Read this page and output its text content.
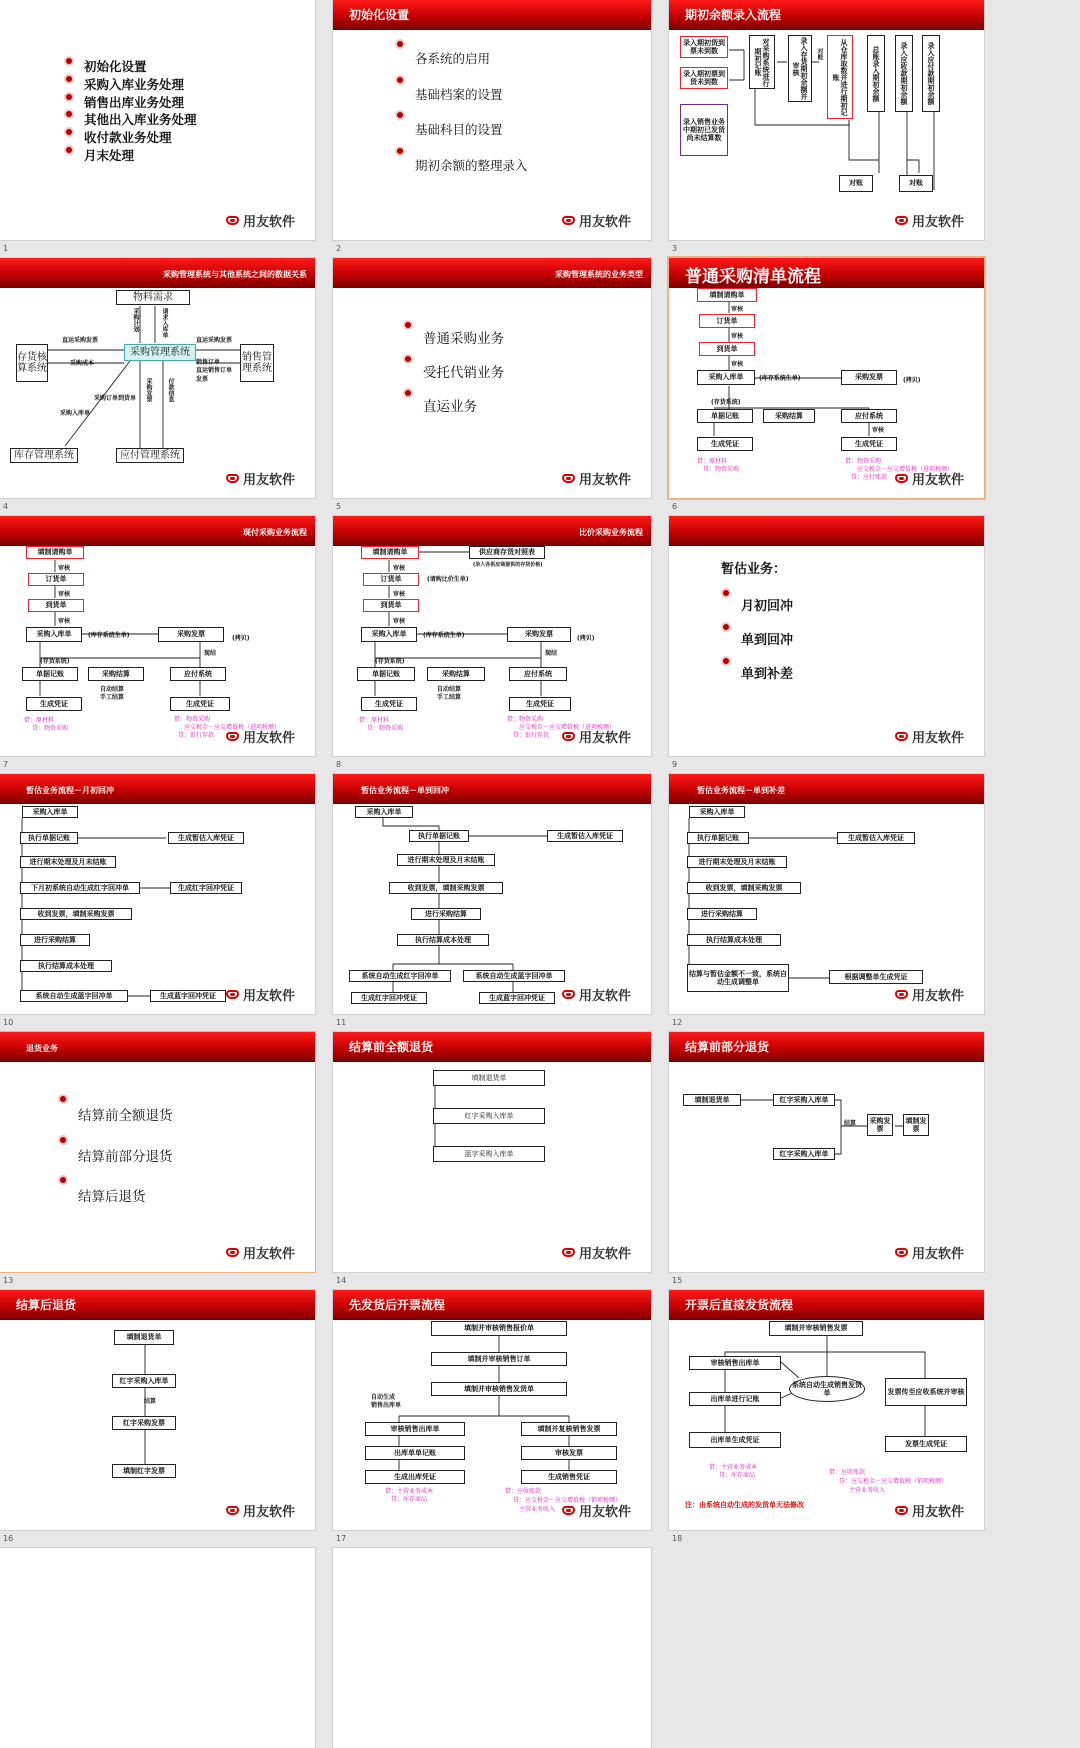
初始化设置
采购入库业务处理
销售出库业务处理
其他出入库业务处理
收付款业务处理
月末处理
用友软件
1
初始化设置
各系统的启用
基础档案的设置
基础科目的设置
期初余额的整理录入
用友软件
2
期初余额录入流程
录入期初货到票未到数
录入期初票到货未到数
录入销售业务中期初已发货尚未结算数
对采购系统进行期初记账	录入存货期初余额并审核
对账	从仓库取数并进行期初记账	总账录入期初余额	录入应收款期初余额	录入应付款期初余额
对账	对账
用友软件
3
采购管理系统与其他系统之间的数据关系
物料需求
存货核算系统
采购管理系统	销售管理系统
库存管理系统	应付管理系统
采购计划	请求入库单
直运采购发票
采购成本
直运采购发票
销售订单
直运销售订单
发票
采购订单到货单
采购入库单
采购发票	付款信息
用友软件
4
采购管理系统的业务类型
普通采购业务
受托代销业务
直运业务
用友软件
5
普通采购清单流程
填制请购单
审核
订货单
审核
到货单
审核
采购入库单	(库存系统生单)	采购发票	(拷贝)
(存货系统)
单据记账	采购结算	应付系统
审核
生成凭证	生成凭证
借：原材料
贷：物资采购
借：物资采购
应交税金－应交增值税（进项税额）
贷：应付账款 用友软件
6
现付采购业务流程
填制请购单
审核
订货单
审核
到货单
审核
采购入库单	(库存系统生单)	采购发票
(拷贝)
现结
(存货系统)
单据记账	采购结算	应付系统
自动结算
手工结算
生成凭证	生成凭证
借：原材料
贷：物资采购
借：物资采购
应交税金－应交增值税（进项税额）
贷：银行存款 用友软件
7
比价采购业务流程
填制请购单	供应商存货对照表
(录入各供应商提供的存货价格)
审核
订货单	(请购比价生单)
审核
到货单
审核
采购入库单	(库存系统生单)	采购发票
(拷贝)
现结
(存货系统)
单据记账	采购结算	应付系统
自动结算
手工结算
生成凭证	生成凭证
借：原材料
贷：物资采购
借：物资采购
应交税金－应交增值税（进项税额）
贷：银行存款 用友软件
8
暂估业务：
月初回冲
单到回冲
单到补差
用友软件
9
暂估业务流程－月初回冲
采购入库单
执行单据记账	生成暂估入库凭证
进行期末处理及月末结账
下月初系统自动生成红字回冲单	生成红字回冲凭证
收到发票，填制采购发票
进行采购结算
执行结算成本处理
系统自动生成蓝字回冲单	生成蓝字回冲凭证	用友软件
10
暂估业务流程－单到回冲
采购入库单
执行单据记账	生成暂估入库凭证
进行期末处理及月末结账
收到发票，填制采购发票
进行采购结算
执行结算成本处理
系统自动生成红字回冲单	系统自动生成蓝字回冲单
生成红字回冲凭证	生成蓝字回冲凭证	用友软件
11
暂估业务流程－单到补差
采购入库单
执行单据记账	生成暂估入库凭证
进行期末处理及月末结账
收到发票，填制采购发票
进行采购结算
执行结算成本处理
结算与暂估金额不一致，系统自动生成调整单
根据调整单生成凭证
用友软件
12
退货业务
结算前全额退货
结算前部分退货
结算后退货
用友软件
13
结算前全额退货
填制退货单
红字采购入库单
蓝字采购入库单
用友软件
14
结算前部分退货
填制退货单	红字采购入库单
红字采购入库单
结算	采购发票
填制发票
用友软件
15
结算后退货
填制退货单
红字采购入库单
结算
红字采购发票
填制红字发票
用友软件
16
先发货后开票流程
填制并审核销售报价单
填制并审核销售订单
填制并审核销售发货单
自动生成
销售出库单
审核销售出库单	填制并复核销售发票
出库单单记账	审核发票
生成出库凭证	生成销售凭证
借：主营业务成本
贷：库存商品
借：应收账款
贷：应交税金－应交增值税（销项税额）
主营业务收入 用友软件
17
开票后直接发货流程
填制并审核销售发票
审核销售出库单
系统自动生成销售发货单	发票传至应收系统并审核
出库单进行记账
出库单生成凭证	发票生成凭证
借：主营业务成本
贷：库存商品	借：应收账款
贷：应交税金－应交增值税（销项税额）
主营业务收入
注：由系统自动生成的发货单无法修改	用友软件
18
